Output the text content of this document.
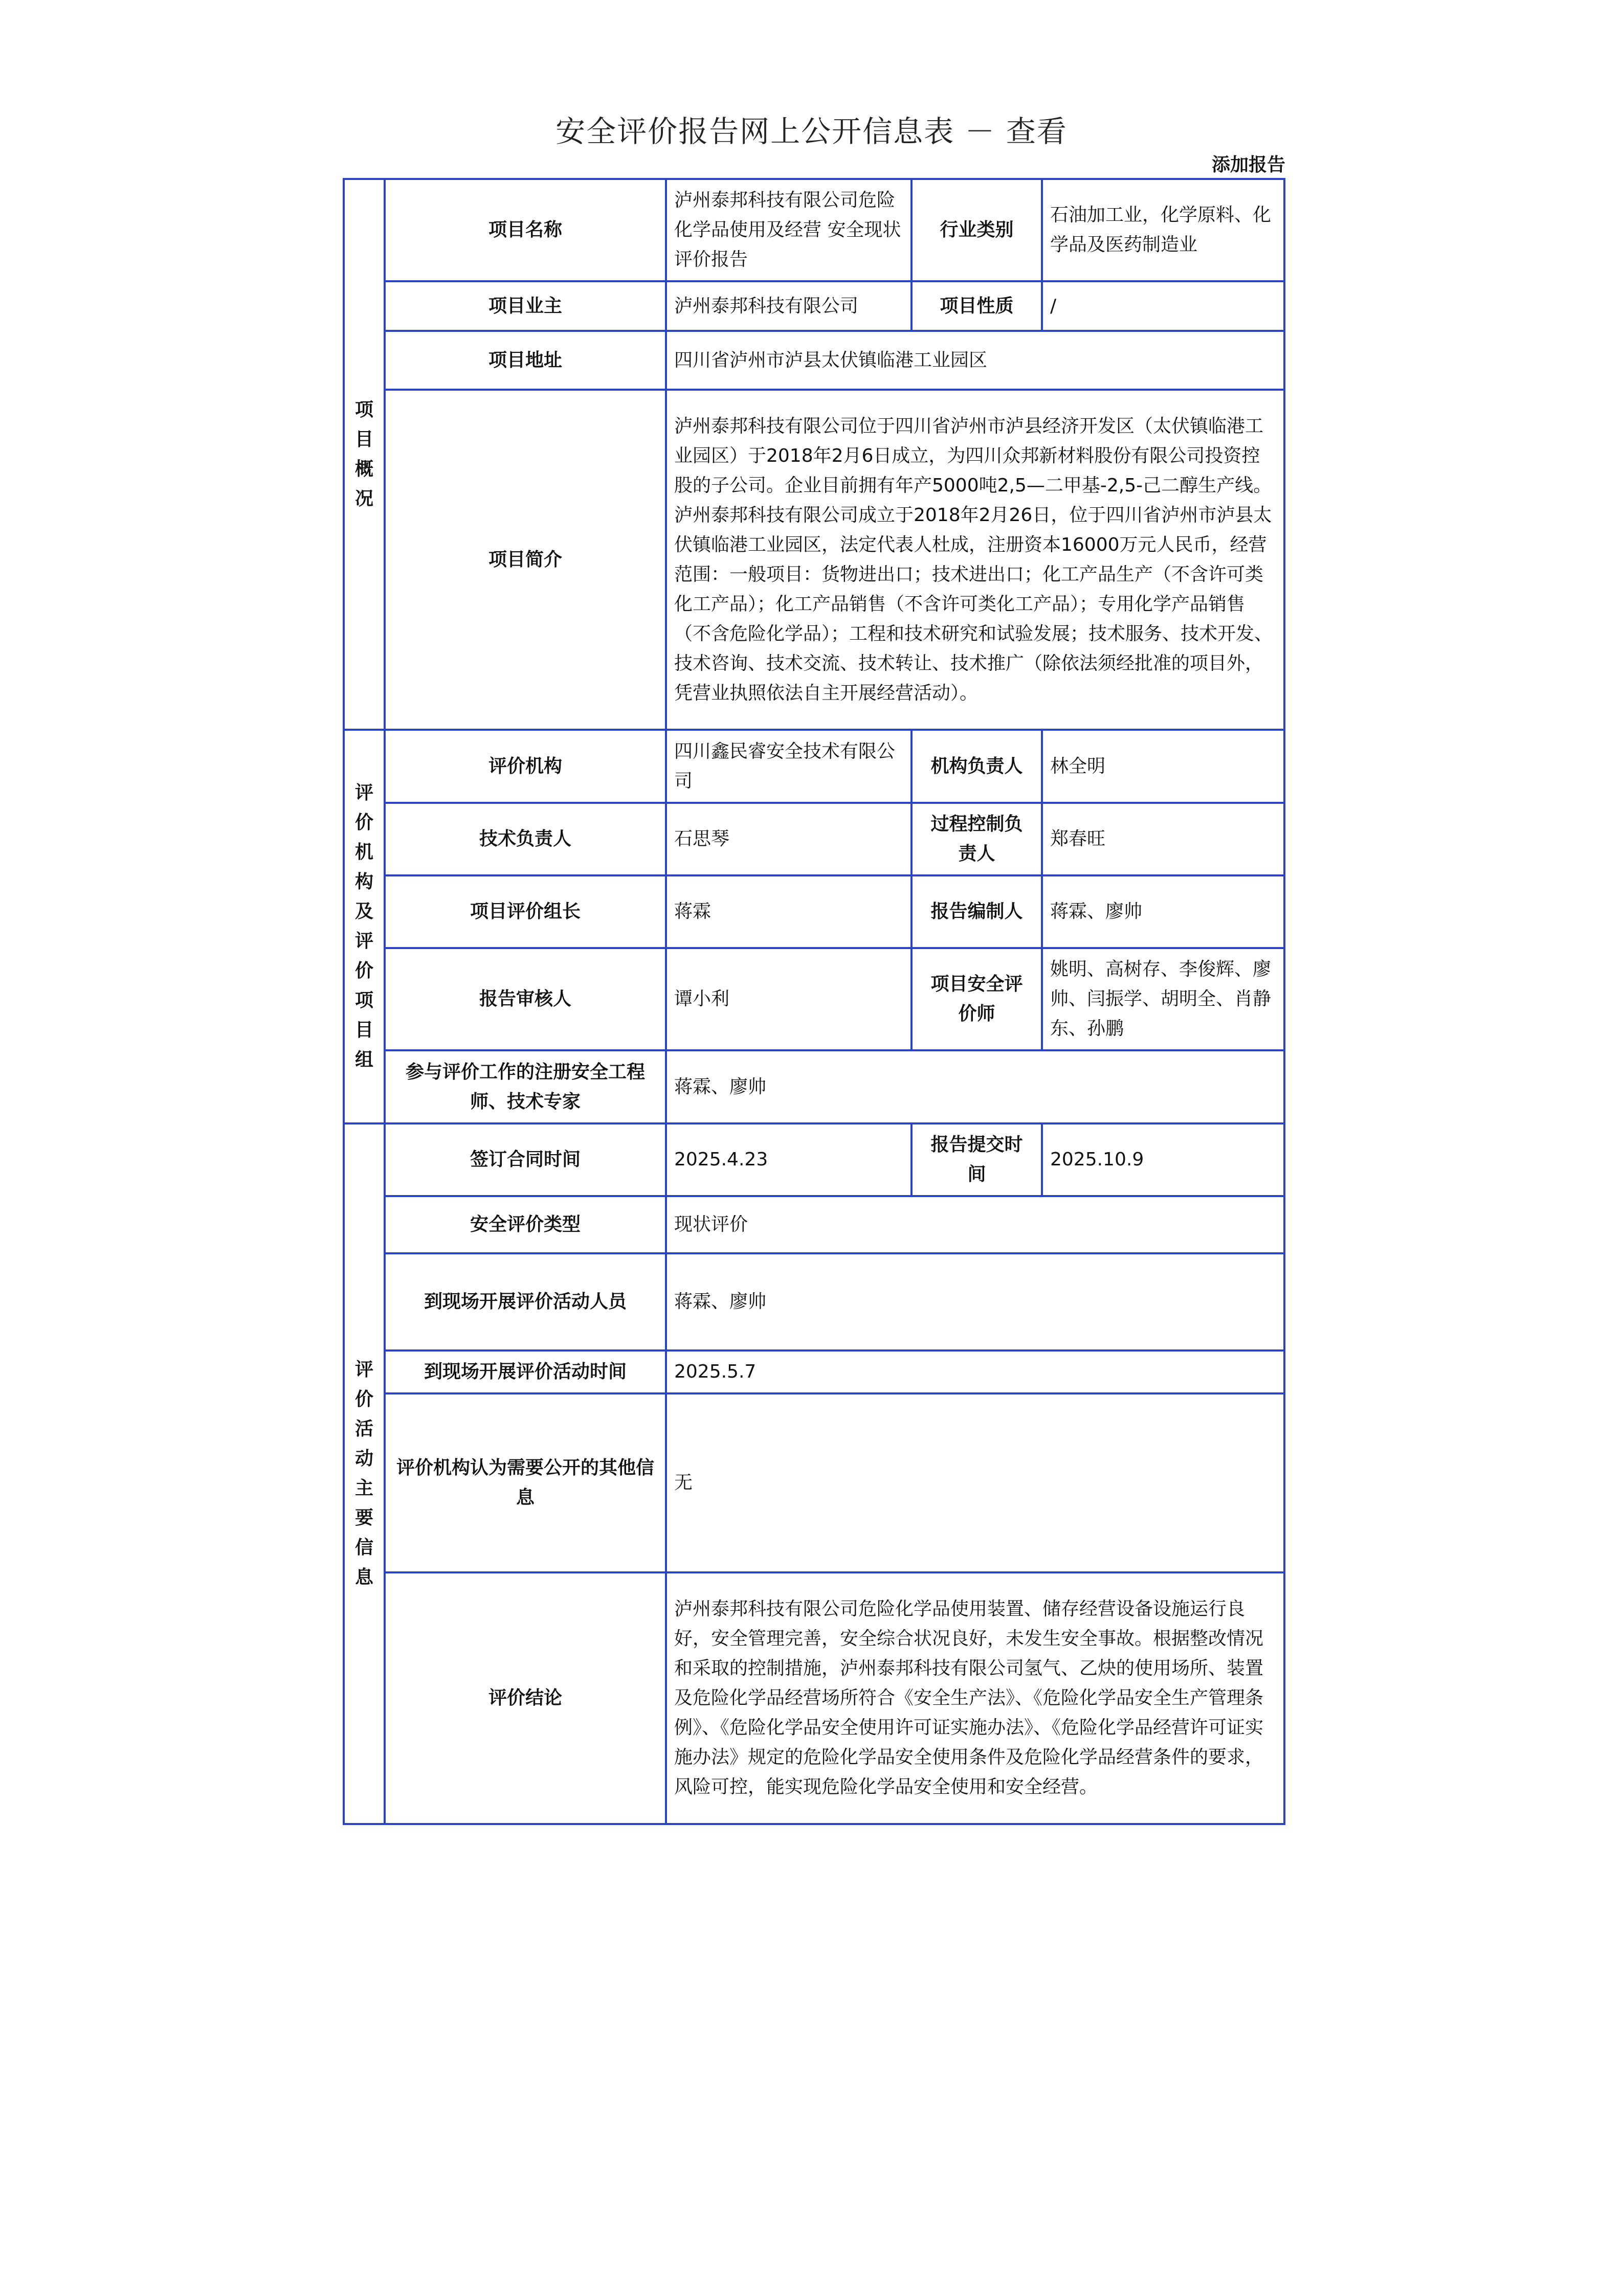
安全评价报告网上公开信息表 － 查看
添加报告
项目概况	项目名称	泸州泰邦科技有限公司危险化学品使用及经营 安全现状评价报告	行业类别	石油加工业，化学原料、化学品及医药制造业
	项目业主	泸州泰邦科技有限公司	项目性质	/
	项目地址	四川省泸州市泸县太伏镇临港工业园区		
	项目简介	泸州泰邦科技有限公司位于四川省泸州市泸县经济开发区（太伏镇临港工业园区）于2018年2月6日成立，为四川众邦新材料股份有限公司投资控股的子公司。企业目前拥有年产5000吨2,5—二甲基-2,5-己二醇生产线。泸州泰邦科技有限公司成立于2018年2月26日，位于四川省泸州市泸县太伏镇临港工业园区，法定代表人杜成，注册资本16000万元人民币，经营范围：一般项目：货物进出口；技术进出口；化工产品生产（不含许可类化工产品）；化工产品销售（不含许可类化工产品）；专用化学产品销售（不含危险化学品）；工程和技术研究和试验发展；技术服务、技术开发、技术咨询、技术交流、技术转让、技术推广（除依法须经批准的项目外，凭营业执照依法自主开展经营活动）。		
评价机构及评价项目组	评价机构	四川鑫民睿安全技术有限公司	机构负责人	林全明
	技术负责人	石思琴	过程控制负责人	郑春旺
	项目评价组长	蒋霖	报告编制人	蒋霖、廖帅
	报告审核人	谭小利	项目安全评价师	姚明、高树存、李俊辉、廖 帅、闫振学、胡明全、肖静东、孙鹏
	参与评价工作的注册安全工程师、技术专家	蒋霖、廖帅		
评价活动主要信息	签订合同时间	2025.4.23	报告提交时间	2025.10.9
	安全评价类型	现状评价		
	到现场开展评价活动人员	蒋霖、廖帅		
	到现场开展评价活动时间	2025.5.7		
	评价机构认为需要公开的其他信息	无		
	评价结论	泸州泰邦科技有限公司危险化学品使用装置、储存经营设备设施运行良好，安全管理完善，安全综合状况良好，未发生安全事故。根据整改情况和采取的控制措施，泸州泰邦科技有限公司氢气、乙炔的使用场所、装置及危险化学品经营场所符合《安全生产法》、《危险化学品安全生产管理条例》、《危险化学品安全使用许可证实施办法》、《危险化学品经营许可证实施办法》规定的危险化学品安全使用条件及危险化学品经营条件的要求，风险可控，能实现危险化学品安全使用和安全经营。		
